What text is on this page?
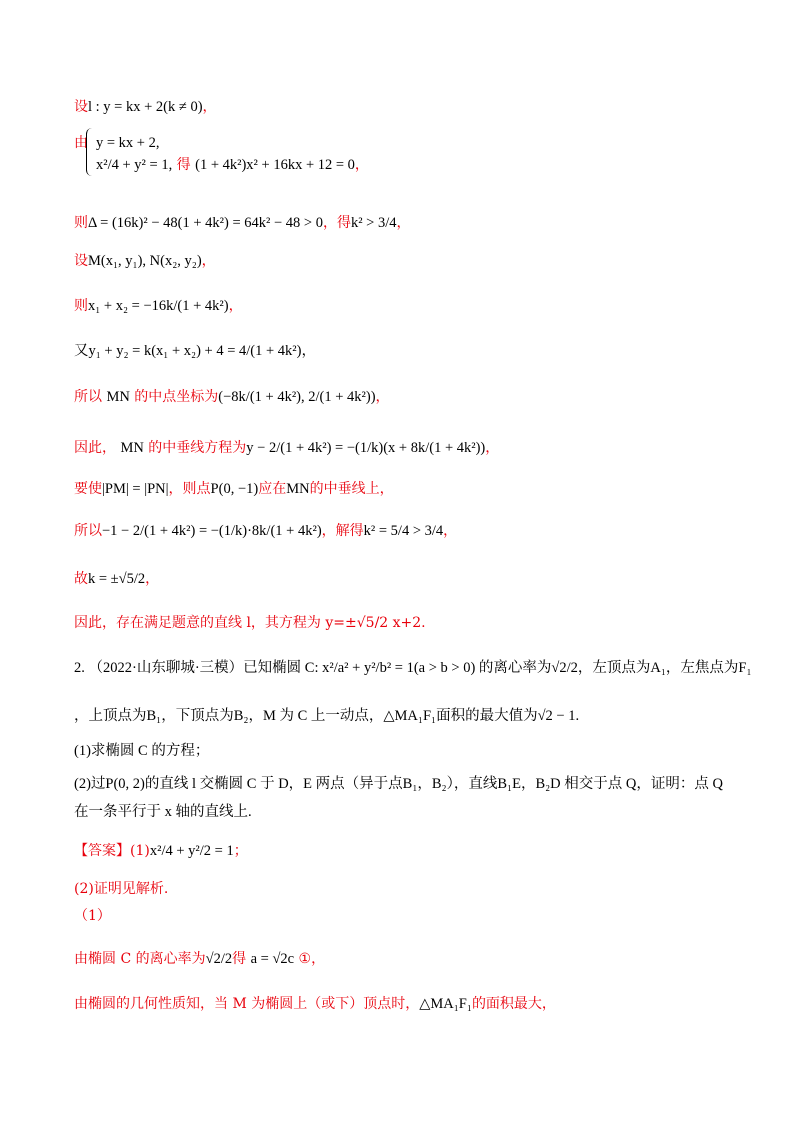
设l : y = kx + 2(k ≠ 0)，
由 y = kx + 2,
x²/4 + y² = 1, 得 (1 + 4k²)x² + 16kx + 12 = 0，
则Δ = (16k)² − 48(1 + 4k²) = 64k² − 48 > 0，得k² > 3/4，
设M(x₁, y₁), N(x₂, y₂)，
则x₁ + x₂ = −16k/(1 + 4k²)，
又y₁ + y₂ = k(x₁ + x₂) + 4 = 4/(1 + 4k²)，
所以 MN 的中点坐标为(−8k/(1 + 4k²), 2/(1 + 4k²))，
因此， MN 的中垂线方程为y − 2/(1 + 4k²) = −(1/k)(x + 8k/(1 + 4k²))，
要使|PM| = |PN|，则点P(0, −1)应在MN的中垂线上，
所以−1 − 2/(1 + 4k²) = −(1/k)·8k/(1 + 4k²)，解得k² = 5/4 > 3/4，
故k = ±√5/2，
因此，存在满足题意的直线 l，其方程为 y=±√5/2 x+2.
2. （2022·山东聊城·三模）已知椭圆 C: x²/a² + y²/b² = 1(a > b > 0) 的离心率为√2/2，左顶点为A₁，左焦点为F₁
，上顶点为B₁，下顶点为B₂，M 为 C 上一动点，△MA₁F₁面积的最大值为√2 − 1.
(1)求椭圆 C 的方程；
(2)过P(0, 2)的直线 l 交椭圆 C 于 D，E 两点（异于点B₁，B₂），直线B₁E，B₂D 相交于点 Q，证明：点 Q
在一条平行于 x 轴的直线上.
【答案】(1)x²/4 + y²/2 = 1；
(2)证明见解析.
（1）
由椭圆 C 的离心率为√2/2得 a = √2c ①，
由椭圆的几何性质知，当 M 为椭圆上（或下）顶点时，△MA₁F₁的面积最大，
